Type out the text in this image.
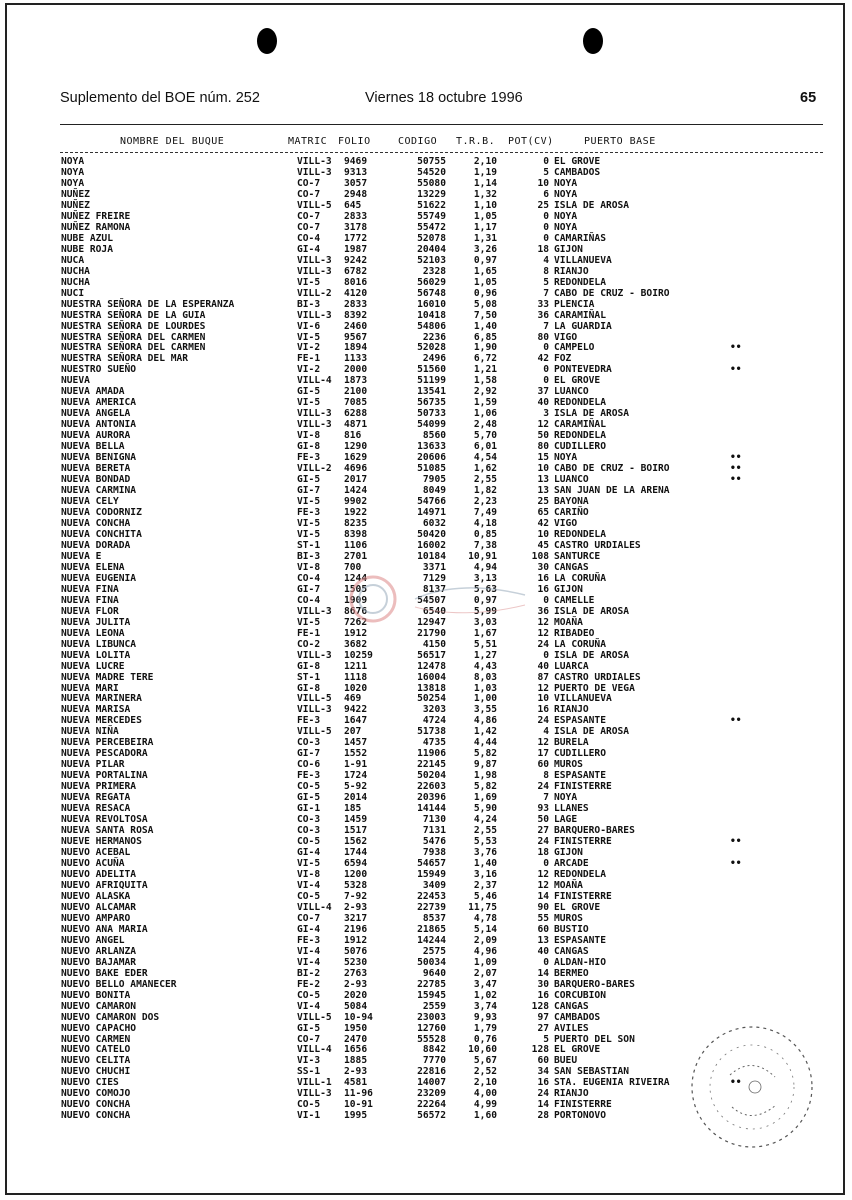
Suplemento del BOE núm. 252	Viernes 18 octubre 1996	65
NOMBRE DEL BUQUE	MATRIC FOLIO	CODIGO T.R.B. POT(CV)	PUERTO BASE
NOYA	VILL-3 9469	50755	2,10	0 EL GROVE
NOYA	VILL-3 9313	54520	1,19	5 CAMBADOS
NOYA	CO-7 3057	55080	1,14	10 NOYA
NUÑEZ	CO-7 2948	13229	1,32	6 NOYA
NUÑEZ	VILL-5 645	51622	1,10	25 ISLA DE AROSA
NUÑEZ FREIRE	CO-7 2833	55749	1,05	0 NOYA
NUÑEZ RAMONA	CO-7 3178	55472	1,17	0 NOYA
NUBE AZUL	CO-4 1772	52078	1,31	0 CAMARIÑAS
NUBE ROJA	GI-4 1987	20404	3,26	18 GIJON
NUCA	VILL-3 9242	52103	0,97	4 VILLANUEVA
NUCHA	VILL-3 6782	2328	1,65	8 RIANJO
NUCHA	VI-5 8016	56029	1,05	5 REDONDELA
NUCI	VILL-2 4120	56748	0,96	7 CABO DE CRUZ - BOIRO
NUESTRA SEÑORA DE LA ESPERANZA	BI-3 2833	16010	5,08	33 PLENCIA
NUESTRA SEÑORA DE LA GUIA	VILL-3 8392	10418	7,50	36 CARAMIÑAL
NUESTRA SEÑORA DE LOURDES	VI-6 2460	54806	1,40	7 LA GUARDIA
NUESTRA SEÑORA DEL CARMEN	VI-5 9567	2236	6,85	80 VIGO
NUESTRA SEÑORA DEL CARMEN	VI-2 1894	52028	1,90	0 CAMPELO	••
NUESTRA SEÑORA DEL MAR	FE-1 1133	2496	6,72	42 FOZ
NUESTRO SUEÑO	VI-2 2000	51560	1,21	0 PONTEVEDRA	••
NUEVA	VILL-4 1873	51199	1,58	0 EL GROVE
NUEVA AMADA	GI-5 2100	13541	2,92	37 LUANCO
NUEVA AMERICA	VI-5 7085	56735	1,59	40 REDONDELA
NUEVA ANGELA	VILL-3 6288	50733	1,06	3 ISLA DE AROSA
NUEVA ANTONIA	VILL-3 4871	54099	2,48	12 CARAMIÑAL
NUEVA AURORA	VI-8 816	8560	5,70	50 REDONDELA
NUEVA BELLA	GI-8 1290	13633	6,01	80 CUDILLERO
NUEVA BENIGNA	FE-3 1629	20606	4,54	15 NOYA	••
NUEVA BERETA	VILL-2 4696	51085	1,62	10 CABO DE CRUZ - BOIRO	••
NUEVA BONDAD	GI-5 2017	7905	2,55	13 LUANCO	••
NUEVA CARMINA	GI-7 1424	8049	1,82	13 SAN JUAN DE LA ARENA
NUEVA CELY	VI-5 9902	54766	2,23	25 BAYONA
NUEVA CODORNIZ	FE-3 1922	14971	7,49	65 CARIÑO
NUEVA CONCHA	VI-5 8235	6032	4,18	42 VIGO
NUEVA CONCHITA	VI-5 8398	50420	0,85	10 REDONDELA
NUEVA DORADA	ST-1 1106	16002	7,38	45 CASTRO URDIALES
NUEVA E	BI-3 2701	10184	10,91	108 SANTURCE
NUEVA ELENA	VI-8 700	3371	4,94	30 CANGAS
NUEVA EUGENIA	CO-4 1244	7129	3,13	16 LA CORUÑA
NUEVA FINA	GI-7 1505	8137	5,63	16 GIJON
NUEVA FINA	CO-4 1909	54507	0,97	0 CAMELLE
NUEVA FLOR	VILL-3 8676	6540	5,99	36 ISLA DE AROSA
NUEVA JULITA	VI-5 7262	12947	3,03	12 MOAÑA
NUEVA LEONA	FE-1 1912	21790	1,67	12 RIBADEO
NUEVA LIBUNCA	CO-2 3682	4150	5,51	24 LA CORUÑA
NUEVA LOLITA	VILL-3 10259	56517	1,27	0 ISLA DE AROSA
NUEVA LUCRE	GI-8 1211	12478	4,43	40 LUARCA
NUEVA MADRE TERE	ST-1 1118	16004	8,03	87 CASTRO URDIALES
NUEVA MARI	GI-8 1020	13818	1,03	12 PUERTO DE VEGA
NUEVA MARINERA	VILL-5 469	50254	1,00	10 VILLANUEVA
NUEVA MARISA	VILL-3 9422	3203	3,55	16 RIANJO
NUEVA MERCEDES	FE-3 1647	4724	4,86	24 ESPASANTE	••
NUEVA NIÑA	VILL-5 207	51738	1,42	4 ISLA DE AROSA
NUEVA PERCEBEIRA	CO-3 1457	4735	4,44	12 BURELA
NUEVA PESCADORA	GI-7 1552	11906	5,82	17 CUDILLERO
NUEVA PILAR	CO-6 1-91	22145	9,87	60 MUROS
NUEVA PORTALINA	FE-3 1724	50204	1,98	8 ESPASANTE
NUEVA PRIMERA	CO-5 5-92	22603	5,82	24 FINISTERRE
NUEVA REGATA	GI-5 2014	20396	1,69	7 NOYA
NUEVA RESACA	GI-1 185	14144	5,90	93 LLANES
NUEVA REVOLTOSA	CO-3 1459	7130	4,24	50 LAGE
NUEVA SANTA ROSA	CO-3 1517	7131	2,55	27 BARQUERO-BARES
NUEVE HERMANOS	CO-5 1562	5476	5,53	24 FINISTERRE	••
NUEVO ACEBAL	GI-4 1744	7938	3,76	18 GIJON
NUEVO ACUÑA	VI-5 6594	54657	1,40	0 ARCADE	••
NUEVO ADELITA	VI-8 1200	15949	3,16	12 REDONDELA
NUEVO AFRIQUITA	VI-4 5328	3409	2,37	12 MOAÑA
NUEVO ALASKA	CO-5 7-92	22453	5,46	14 FINISTERRE
NUEVO ALCAMAR	VILL-4 2-93	22739	11,75	90 EL GROVE
NUEVO AMPARO	CO-7 3217	8537	4,78	55 MUROS
NUEVO ANA MARIA	GI-4 2196	21865	5,14	60 BUSTIO
NUEVO ANGEL	FE-3 1912	14244	2,09	13 ESPASANTE
NUEVO ARLANZA	VI-4 5076	2575	4,96	40 CANGAS
NUEVO BAJAMAR	VI-4 5230	50034	1,09	0 ALDAN-HIO
NUEVO BAKE EDER	BI-2 2763	9640	2,07	14 BERMEO
NUEVO BELLO AMANECER	FE-2 2-93	22785	3,47	30 BARQUERO-BARES
NUEVO BONITA	CO-5 2020	15945	1,02	16 CORCUBION
NUEVO CAMARON	VI-4 5084	2559	3,74	128 CANGAS
NUEVO CAMARON DOS	VILL-5 10-94	23003	9,93	97 CAMBADOS
NUEVO CAPACHO	GI-5 1950	12760	1,79	27 AVILES
NUEVO CARMEN	CO-7 2470	55528	0,76	5 PUERTO DEL SON
NUEVO CATELO	VILL-4 1656	8842	10,60	128 EL GROVE
NUEVO CELITA	VI-3 1885	7770	5,67	60 BUEU
NUEVO CHUCHI	SS-1 2-93	22816	2,52	34 SAN SEBASTIAN
NUEVO CIES	VILL-1 4581	14007	2,10	16 STA. EUGENIA RIVEIRA	••
NUEVO COMOJO	VILL-3 11-96	23209	4,00	24 RIANJO
NUEVO CONCHA	CO-5 10-91	22264	4,99	14 FINISTERRE
NUEVO CONCHA	VI-1 1995	56572	1,60	28 PORTONOVO
